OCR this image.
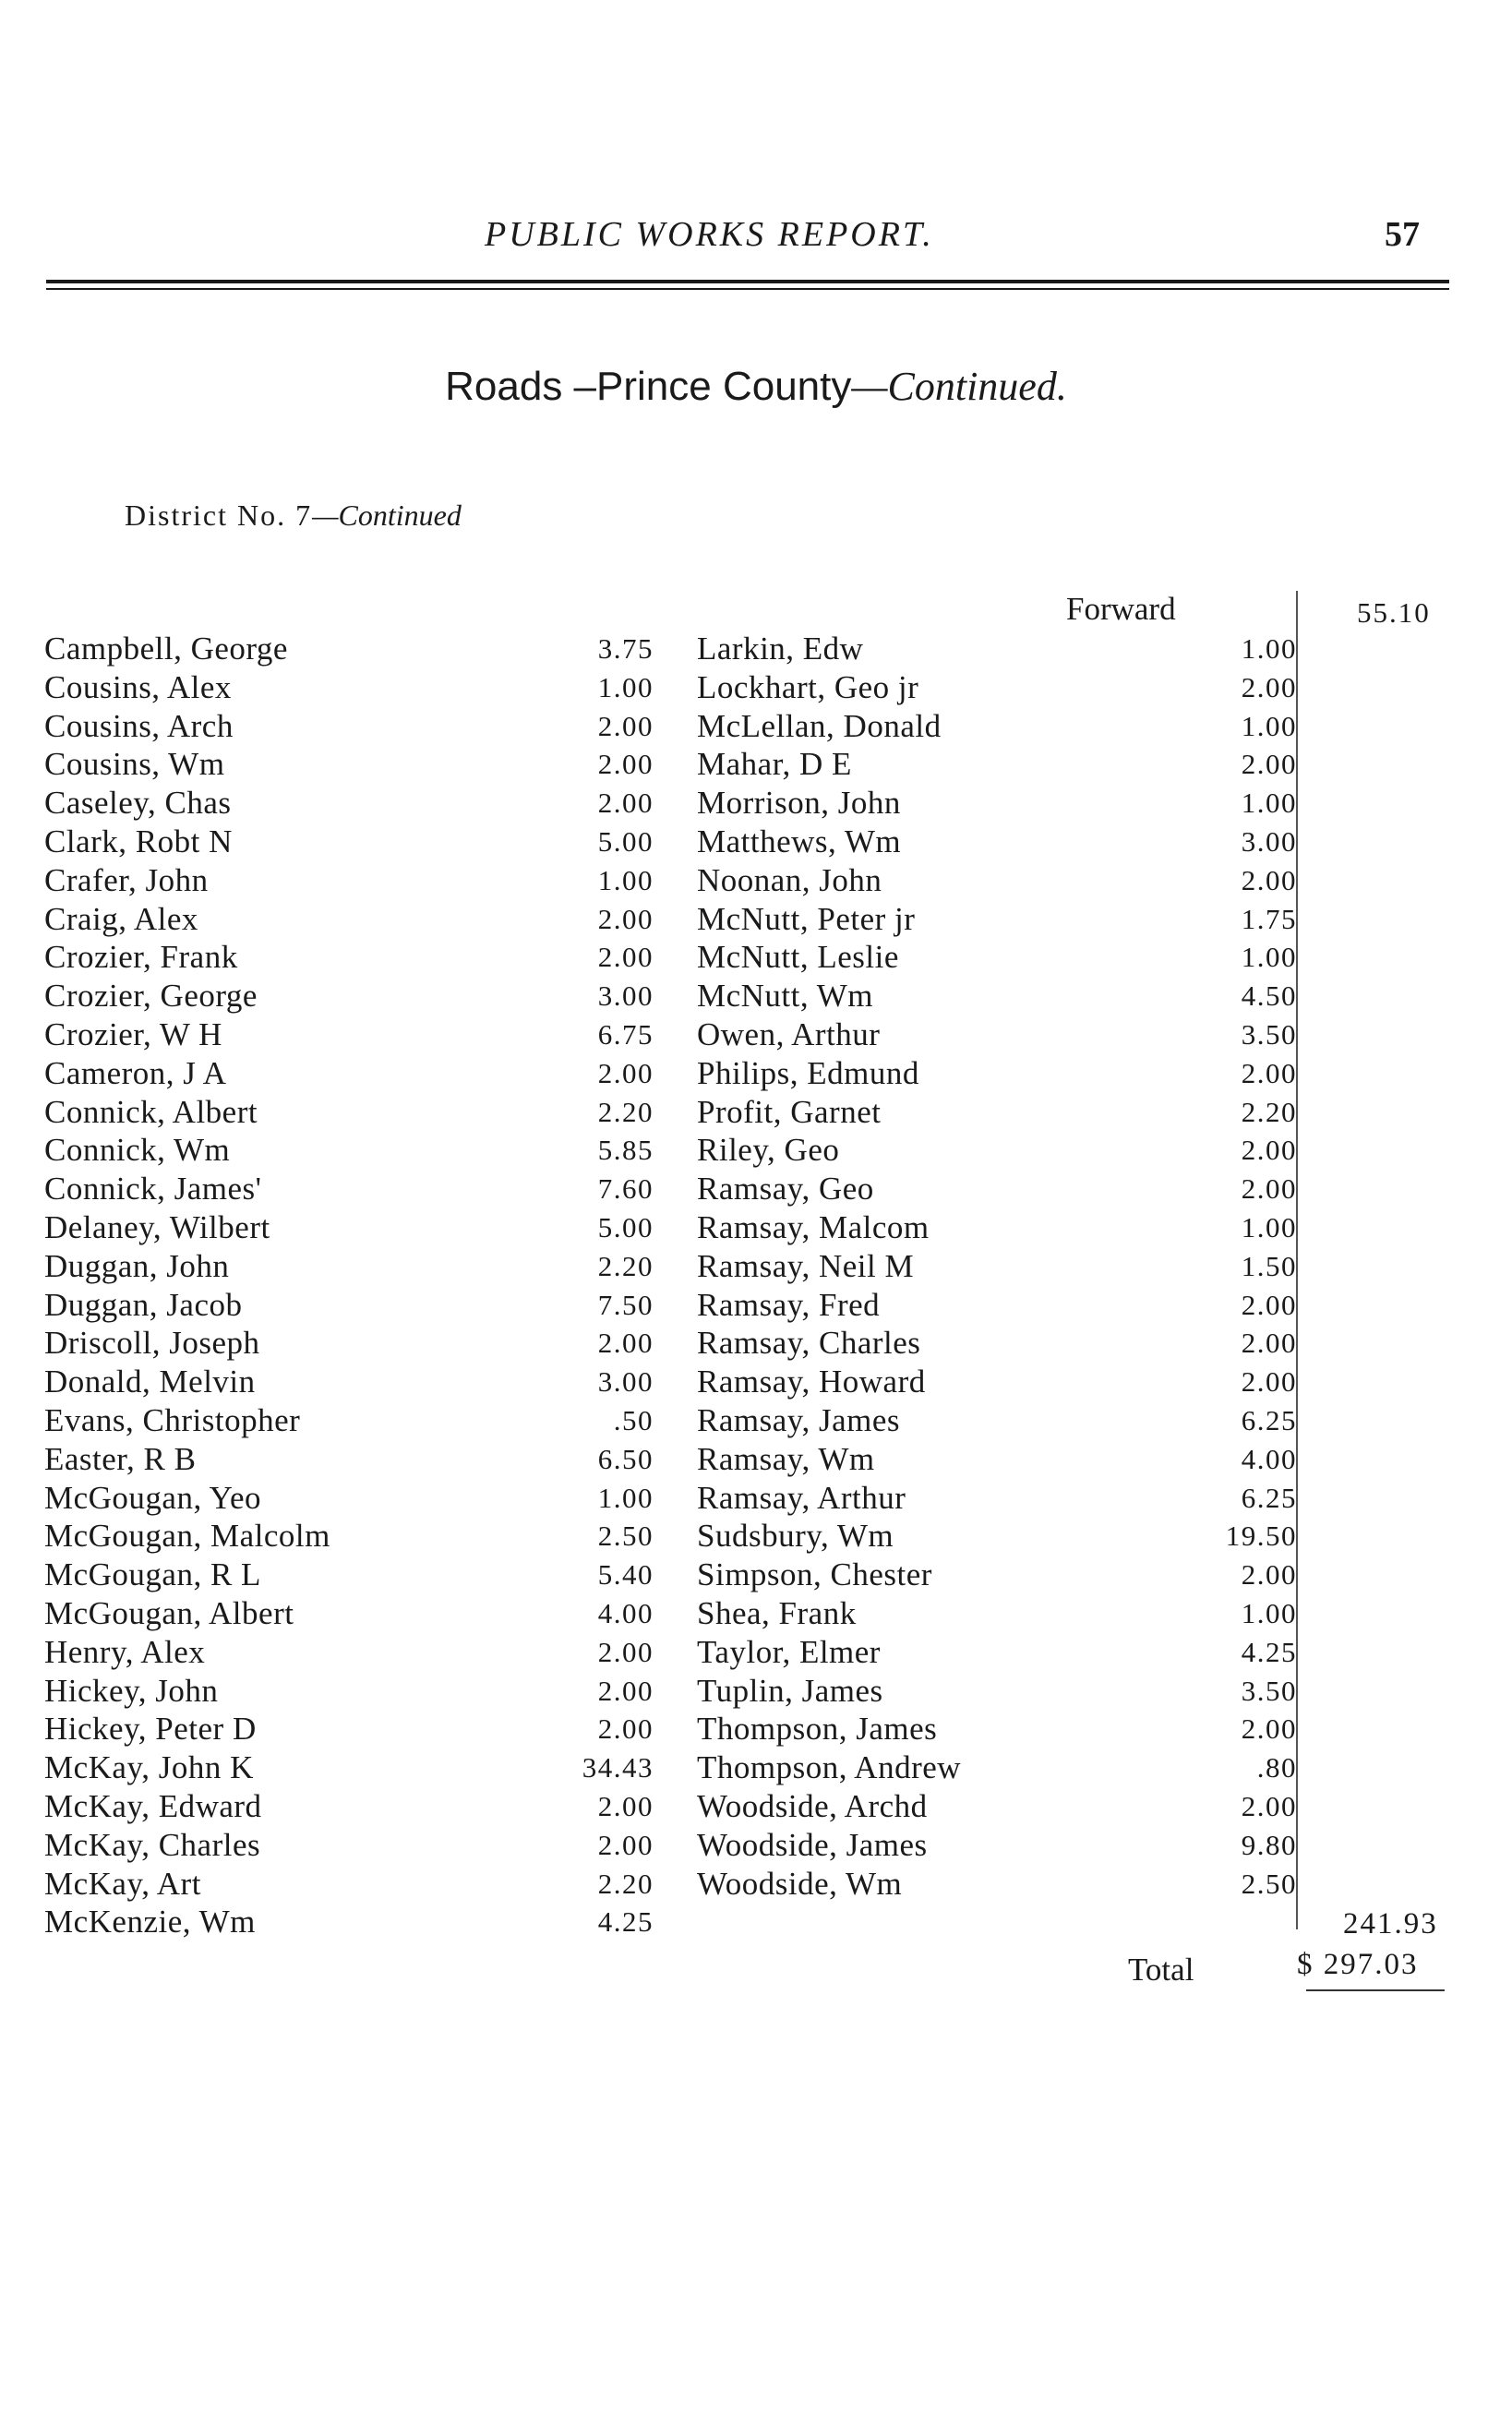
PUBLIC WORKS REPORT.	57
Roads –Prince County—Continued.
District No. 7—Continued
Forward	55.10
Campbell, George	3.75
Cousins, Alex	1.00
Cousins, Arch	2.00
Cousins, Wm	2.00
Caseley, Chas	2.00
Clark, Robt N	5.00
Crafer, John	1.00
Craig, Alex	2.00
Crozier, Frank	2.00
Crozier, George	3.00
Crozier, W H	6.75
Cameron, J A	2.00
Connick, Albert	2.20
Connick, Wm	5.85
Connick, James'	7.60
Delaney, Wilbert	5.00
Duggan, John	2.20
Duggan, Jacob	7.50
Driscoll, Joseph	2.00
Donald, Melvin	3.00
Evans, Christopher	.50
Easter, R B	6.50
McGougan, Yeo	1.00
McGougan, Malcolm	2.50
McGougan, R L	5.40
McGougan, Albert	4.00
Henry, Alex	2.00
Hickey, John	2.00
Hickey, Peter D	2.00
McKay, John K	34.43
McKay, Edward	2.00
McKay, Charles	2.00
McKay, Art	2.20
McKenzie, Wm	4.25
Larkin, Edw	1.00
Lockhart, Geo jr	2.00
McLellan, Donald	1.00
Mahar, D E	2.00
Morrison, John	1.00
Matthews, Wm	3.00
Noonan, John	2.00
McNutt, Peter jr	1.75
McNutt, Leslie	1.00
McNutt, Wm	4.50
Owen, Arthur	3.50
Philips, Edmund	2.00
Profit, Garnet	2.20
Riley, Geo	2.00
Ramsay, Geo	2.00
Ramsay, Malcom	1.00
Ramsay, Neil M	1.50
Ramsay, Fred	2.00
Ramsay, Charles	2.00
Ramsay, Howard	2.00
Ramsay, James	6.25
Ramsay, Wm	4.00
Ramsay, Arthur	6.25
Sudsbury, Wm	19.50
Simpson, Chester	2.00
Shea, Frank	1.00
Taylor, Elmer	4.25
Tuplin, James	3.50
Thompson, James	2.00
Thompson, Andrew	.80
Woodside, Archd	2.00
Woodside, James	9.80
Woodside, Wm	2.50
241.93
Total	$ 297.03
